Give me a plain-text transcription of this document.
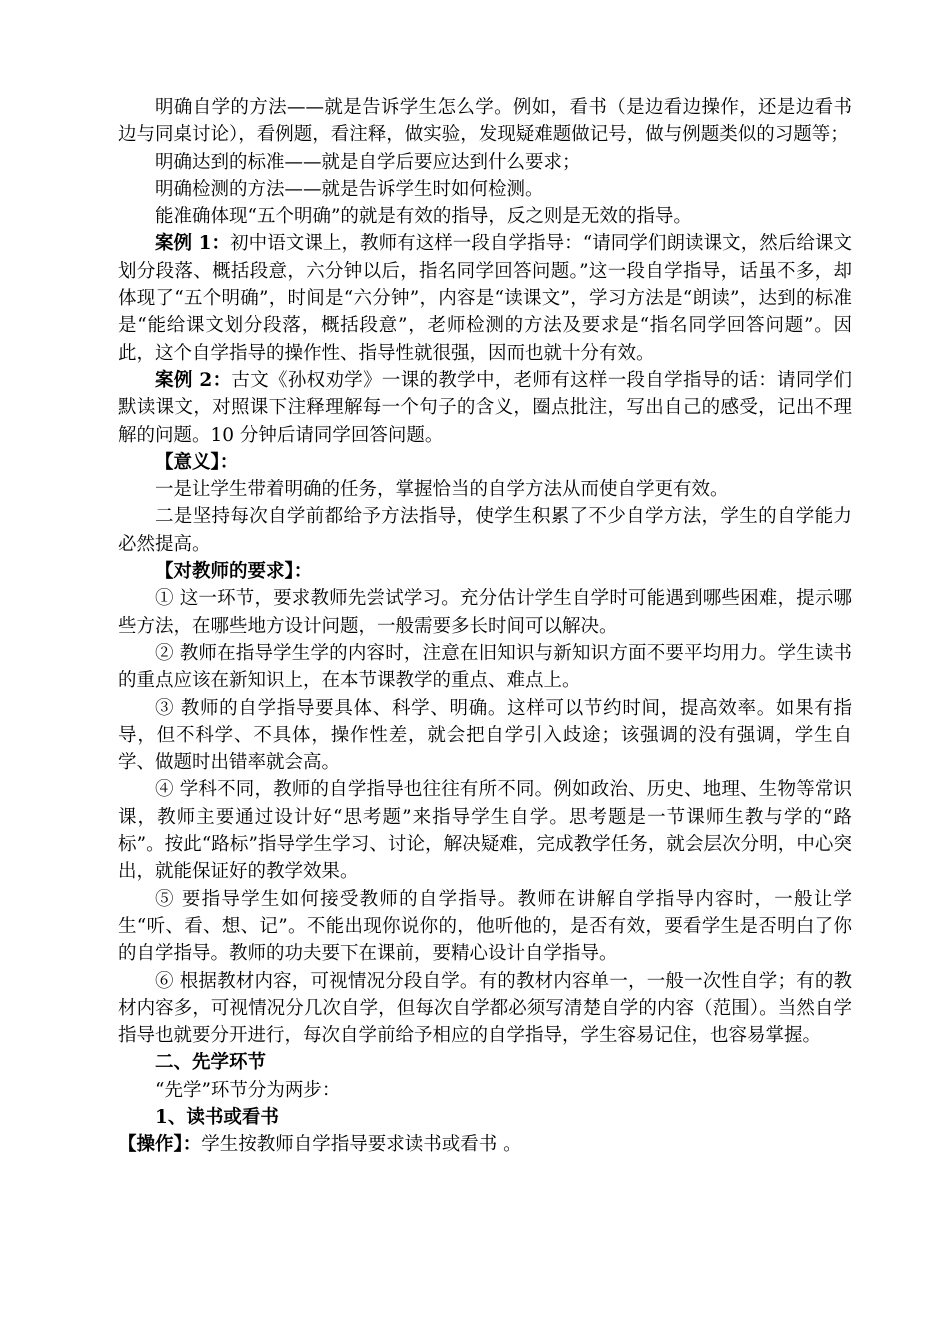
明确自学的方法——就是告诉学生怎么学。例如，看书（是边看边操作，还是边看书边与同桌讨论），看例题，看注释，做实验，发现疑难题做记号，做与例题类似的习题等；

明确达到的标准——就是自学后要应达到什么要求；

明确检测的方法——就是告诉学生时如何检测。

能准确体现“五个明确”的就是有效的指导，反之则是无效的指导。

案例 1：初中语文课上，教师有这样一段自学指导：“请同学们朗读课文，然后给课文划分段落、概括段意，六分钟以后，指名同学回答问题。”这一段自学指导，话虽不多，却体现了“五个明确”，时间是“六分钟”，内容是“读课文”，学习方法是“朗读”，达到的标准是“能给课文划分段落，概括段意”，老师检测的方法及要求是“指名同学回答问题”。因此，这个自学指导的操作性、指导性就很强，因而也就十分有效。

案例 2：古文《孙权劝学》一课的教学中，老师有这样一段自学指导的话：请同学们默读课文，对照课下注释理解每一个句子的含义，圈点批注，写出自己的感受，记出不理解的问题。10 分钟后请同学回答问题。

【意义】：

一是让学生带着明确的任务，掌握恰当的自学方法从而使自学更有效。

二是坚持每次自学前都给予方法指导，使学生积累了不少自学方法，学生的自学能力必然提高。

【对教师的要求】：

① 这一环节，要求教师先尝试学习。充分估计学生自学时可能遇到哪些困难，提示哪些方法，在哪些地方设计问题，一般需要多长时间可以解决。

② 教师在指导学生学的内容时，注意在旧知识与新知识方面不要平均用力。学生读书的重点应该在新知识上，在本节课教学的重点、难点上。

③ 教师的自学指导要具体、科学、明确。这样可以节约时间，提高效率。如果有指导，但不科学、不具体，操作性差，就会把自学引入歧途；该强调的没有强调，学生自学、做题时出错率就会高。

④ 学科不同，教师的自学指导也往往有所不同。例如政治、历史、地理、生物等常识课，教师主要通过设计好“思考题”来指导学生自学。思考题是一节课师生教与学的“路标”。按此“路标”指导学生学习、讨论，解决疑难，完成教学任务，就会层次分明，中心突出，就能保证好的教学效果。

⑤ 要指导学生如何接受教师的自学指导。教师在讲解自学指导内容时，一般让学生“听、看、想、记”。不能出现你说你的，他听他的，是否有效，要看学生是否明白了你的自学指导。教师的功夫要下在课前，要精心设计自学指导。

⑥ 根据教材内容，可视情况分段自学。有的教材内容单一，一般一次性自学；有的教材内容多，可视情况分几次自学，但每次自学都必须写清楚自学的内容（范围）。当然自学指导也就要分开进行，每次自学前给予相应的自学指导，学生容易记住，也容易掌握。

二、先学环节

“先学”环节分为两步：

1、读书或看书

【操作】：学生按教师自学指导要求读书或看书 。
